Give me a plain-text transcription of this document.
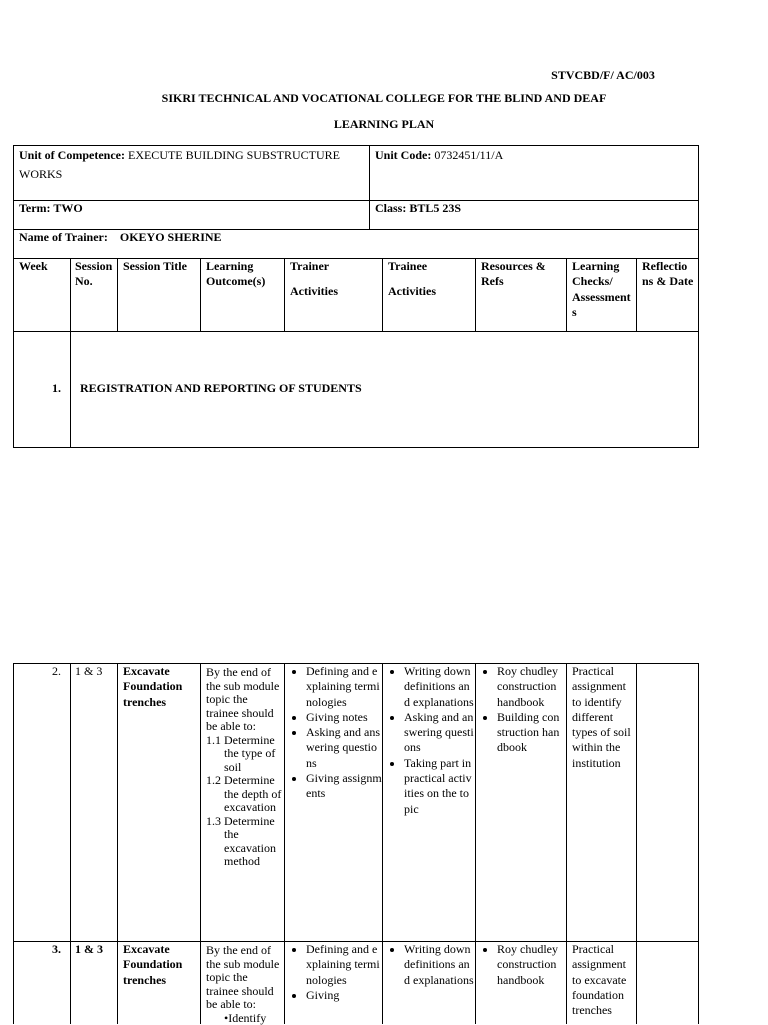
STVCBD/F/ AC/003
SIKRI TECHNICAL AND VOCATIONAL COLLEGE FOR THE BLIND AND DEAF
LEARNING PLAN
Unit of Competence: EXECUTE BUILDING SUBSTRUCTURE WORKS
Unit Code: 0732451/11/A
Term: TWO	Class: BTL5 23S
Name of Trainer: OKEYO SHERINE
Week Session No.
Session Title	Learning Outcome(s)
Trainer
Activities
Trainee
Activities
Resources & Refs
Learning Checks/ Assessment s
Reflectio ns & Date
1. REGISTRATION AND REPORTING OF STUDENTS
2. 1 & 3 Excavate Foundation trenches
By the end of the sub module topic the trainee should be able to:
1.1 Determine the type of soil
1.2 Determine the depth of excavation
1.3 Determine the excavation method
• Defining and explaining terminologies
• Giving notes
• Asking and answering questions
• Giving assignments
• Writing down definitions and explanations
• Asking and answering questions
• Taking part in practical activities on the topic
• Roy chudley construction handbook
• Building construction handbook
Practical assignment to identify different types of soil within the institution
3. 1 & 3 Excavate Foundation trenches
By the end of the sub module topic the trainee should be able to:
•Identify
• Defining and explaining terminologies
• Giving
• Writing down definitions and explanations
• Roy chudley construction handbook
Practical assignment to excavate foundation trenches
